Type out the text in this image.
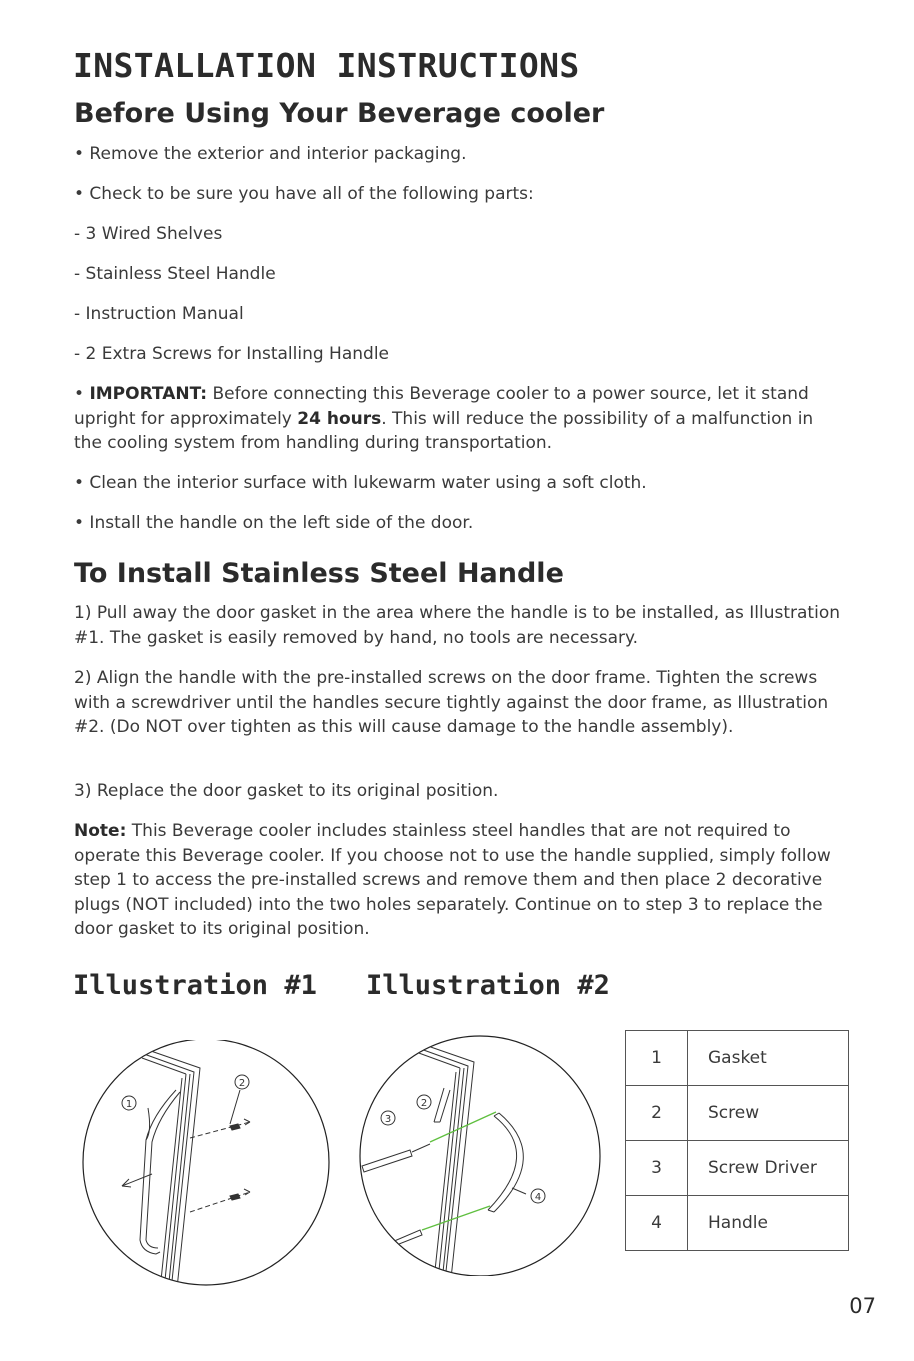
INSTALLATION INSTRUCTIONS
Before Using Your Beverage cooler

• Remove the exterior and interior packaging.

• Check to be sure you have all of the following parts:

- 3 Wired Shelves

- Stainless Steel Handle

- Instruction Manual

- 2 Extra Screws for Installing Handle

• IMPORTANT: Before connecting this Beverage cooler to a power source, let it stand upright for approximately 24 hours. This will reduce the possibility of a malfunction in the cooling system from handling during transportation.

• Clean the interior surface with lukewarm water using a soft cloth.

• Install the handle on the left side of the door.

To Install Stainless Steel Handle

1) Pull away the door gasket in the area where the handle is to be installed, as Illustration #1. The gasket is easily removed by hand, no tools are necessary.

2) Align the handle with the pre-installed screws on the door frame. Tighten the screws with a screwdriver until the handles secure tightly against the door frame, as Illustration #2. (Do NOT over tighten as this will cause damage to the handle assembly).

3) Replace the door gasket to its original position.

Note: This Beverage cooler includes stainless steel handles that are not required to operate this Beverage cooler. If you choose not to use the handle supplied, simply follow step 1 to access the pre-installed screws and remove them and then place 2 decorative plugs (NOT included) into the two holes separately. Continue on to step 3 to replace the door gasket to its original position.

Illustration #1 Illustration #2
1
2
2
3
4
1	Gasket
2	Screw
3	Screw Driver
4	Handle

07
